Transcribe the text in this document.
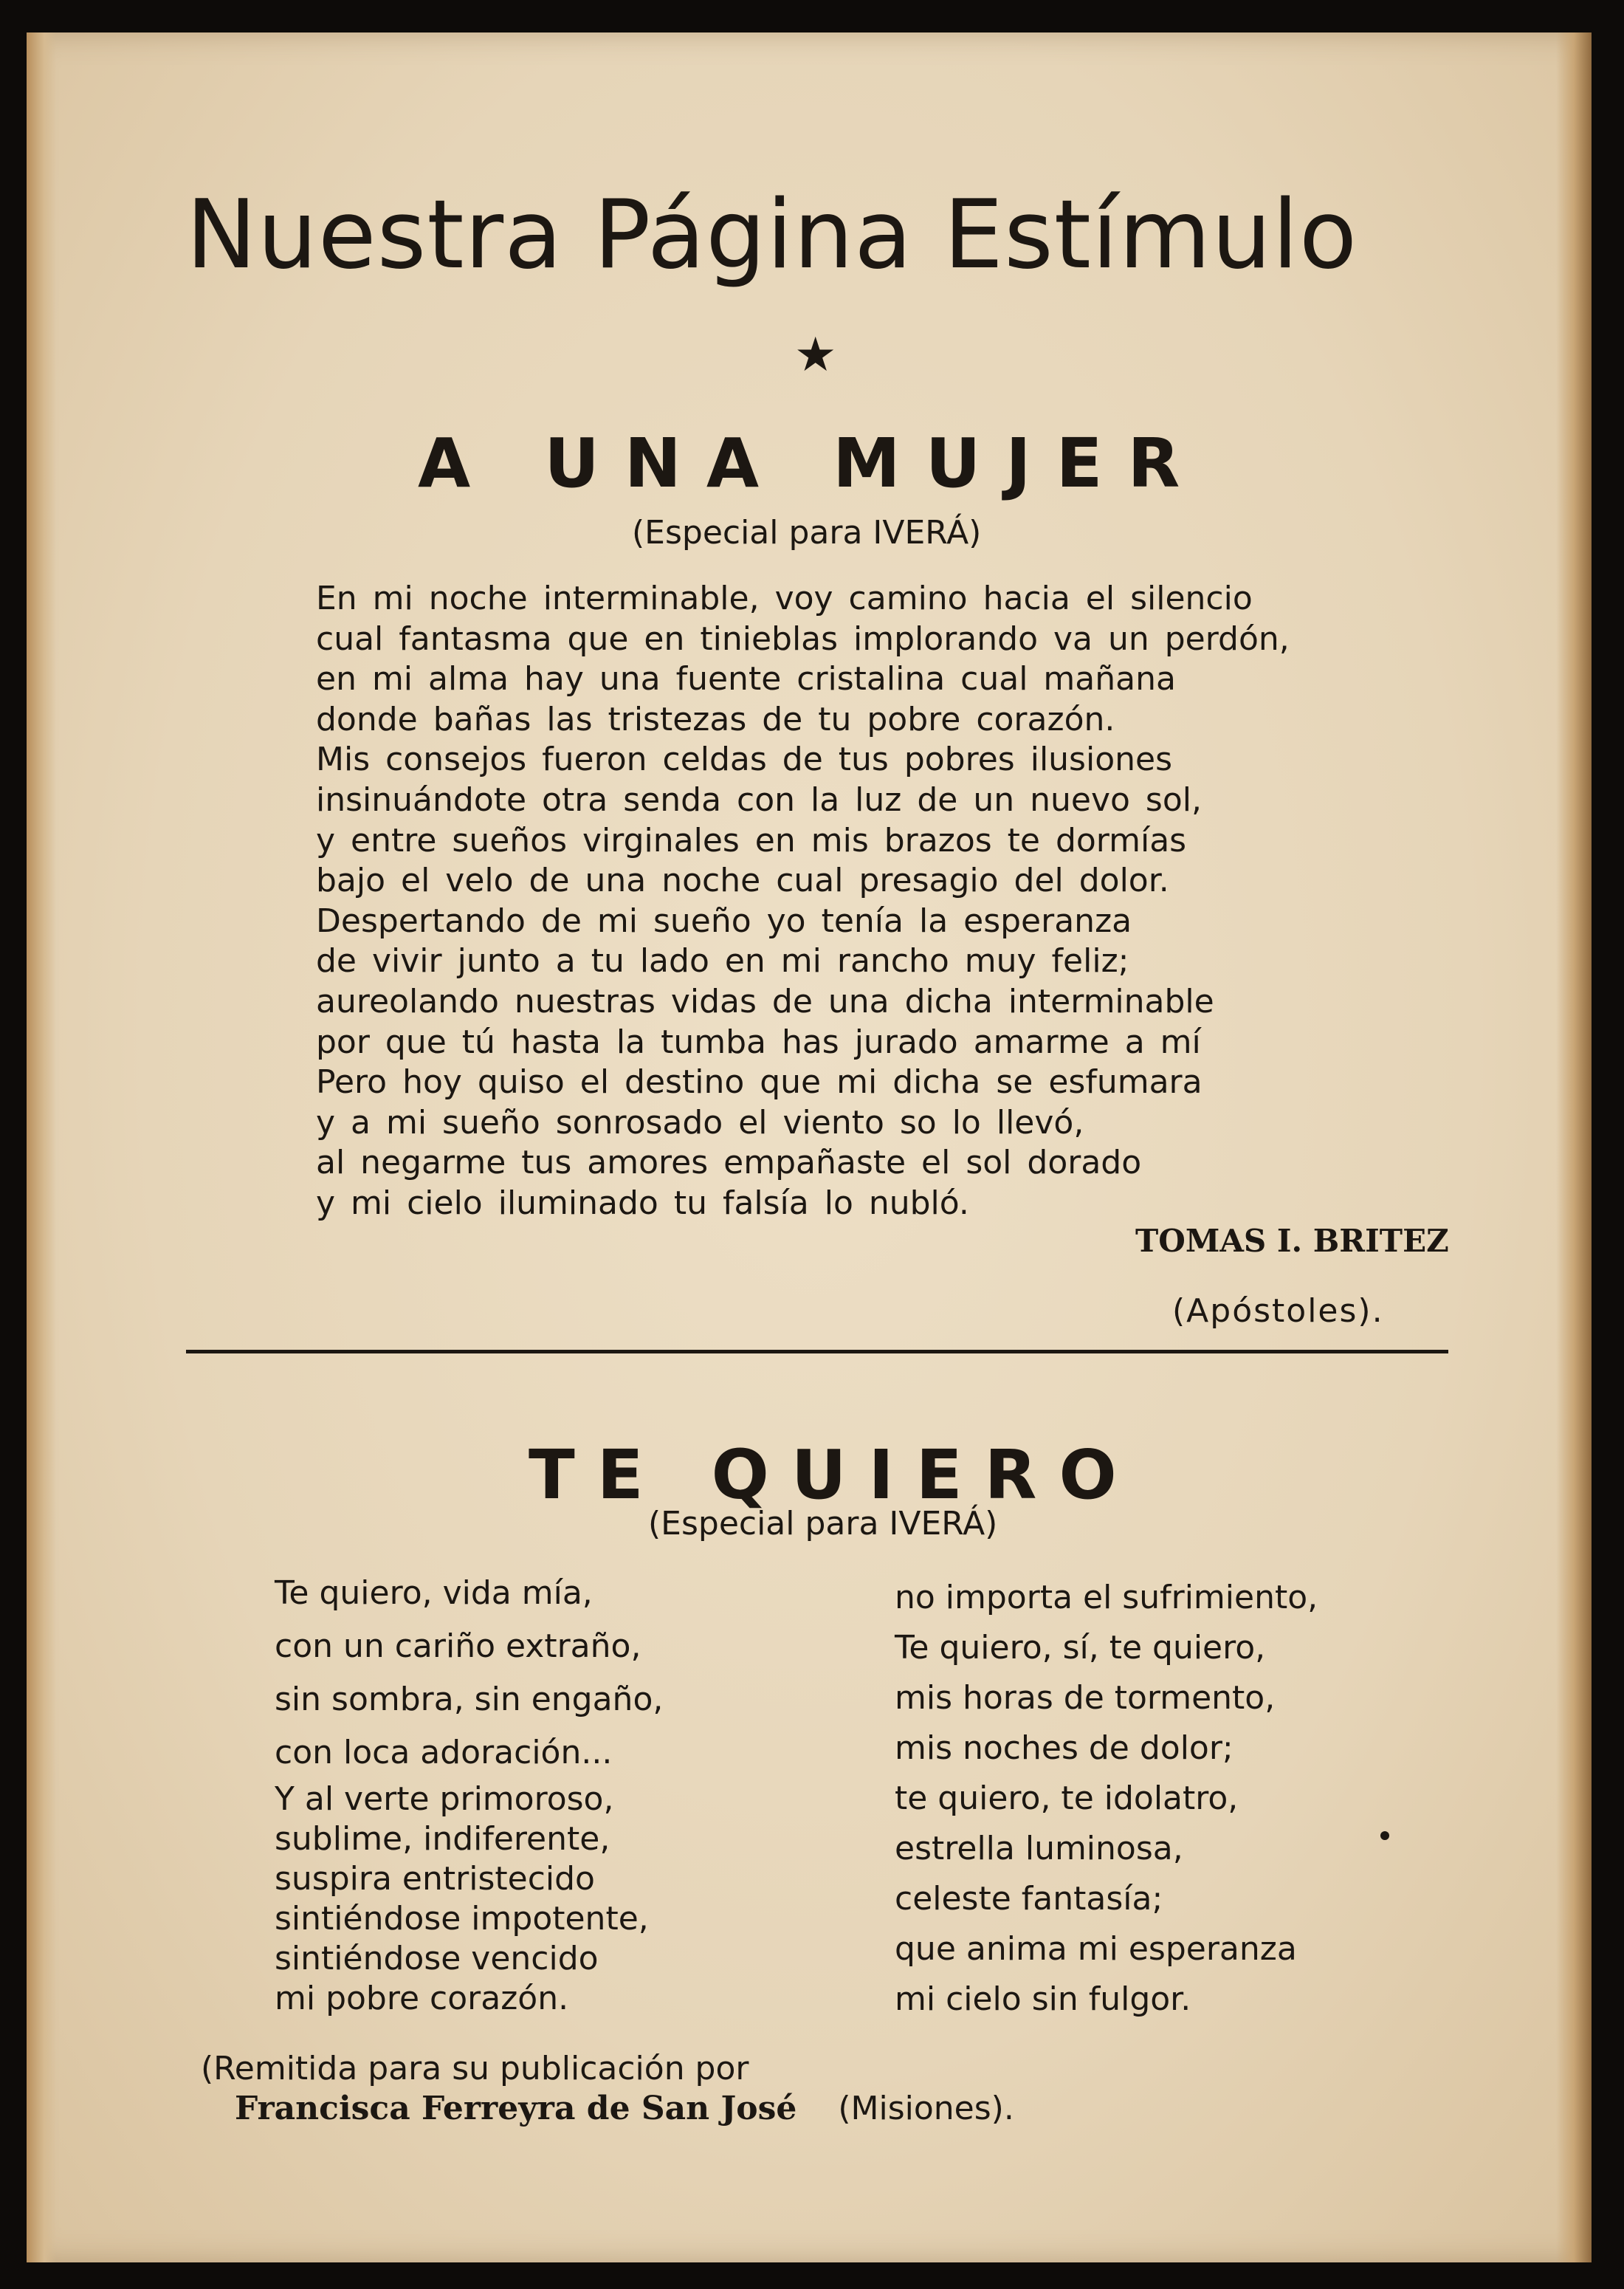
Nuestra Página Estímulo
★
A UNA MUJER
(Especial para IVERÁ)
En mi noche interminable, voy camino hacia el silencio
cual fantasma que en tinieblas implorando va un perdón,
en mi alma hay una fuente cristalina cual mañana
donde bañas las tristezas de tu pobre corazón.
Mis consejos fueron celdas de tus pobres ilusiones
insinuándote otra senda con la luz de un nuevo sol,
y entre sueños virginales en mis brazos te dormías
bajo el velo de una noche cual presagio del dolor.
Despertando de mi sueño yo tenía la esperanza
de vivir junto a tu lado en mi rancho muy feliz;
aureolando nuestras vidas de una dicha interminable
por que tú hasta la tumba has jurado amarme a mí
Pero hoy quiso el destino que mi dicha se esfumara
y a mi sueño sonrosado el viento so lo llevó,
al negarme tus amores empañaste el sol dorado
y mi cielo iluminado tu falsía lo nubló.
TOMAS I. BRITEZ
(Apóstoles).
TE QUIERO
(Especial para IVERÁ)
Te quiero, vida mía,
con un cariño extraño,
sin sombra, sin engaño,
con loca adoración...
Y al verte primoroso,
sublime, indiferente,
suspira entristecido
sintiéndose impotente,
sintiéndose vencido
mi pobre corazón.
no importa el sufrimiento,
Te quiero, sí, te quiero,
mis horas de tormento,
mis noches de dolor;
te quiero, te idolatro,
estrella luminosa,
celeste fantasía;
que anima mi esperanza
mi cielo sin fulgor.
(Remitida para su publicación por
Francisca Ferreyra de San José (Misiones).
